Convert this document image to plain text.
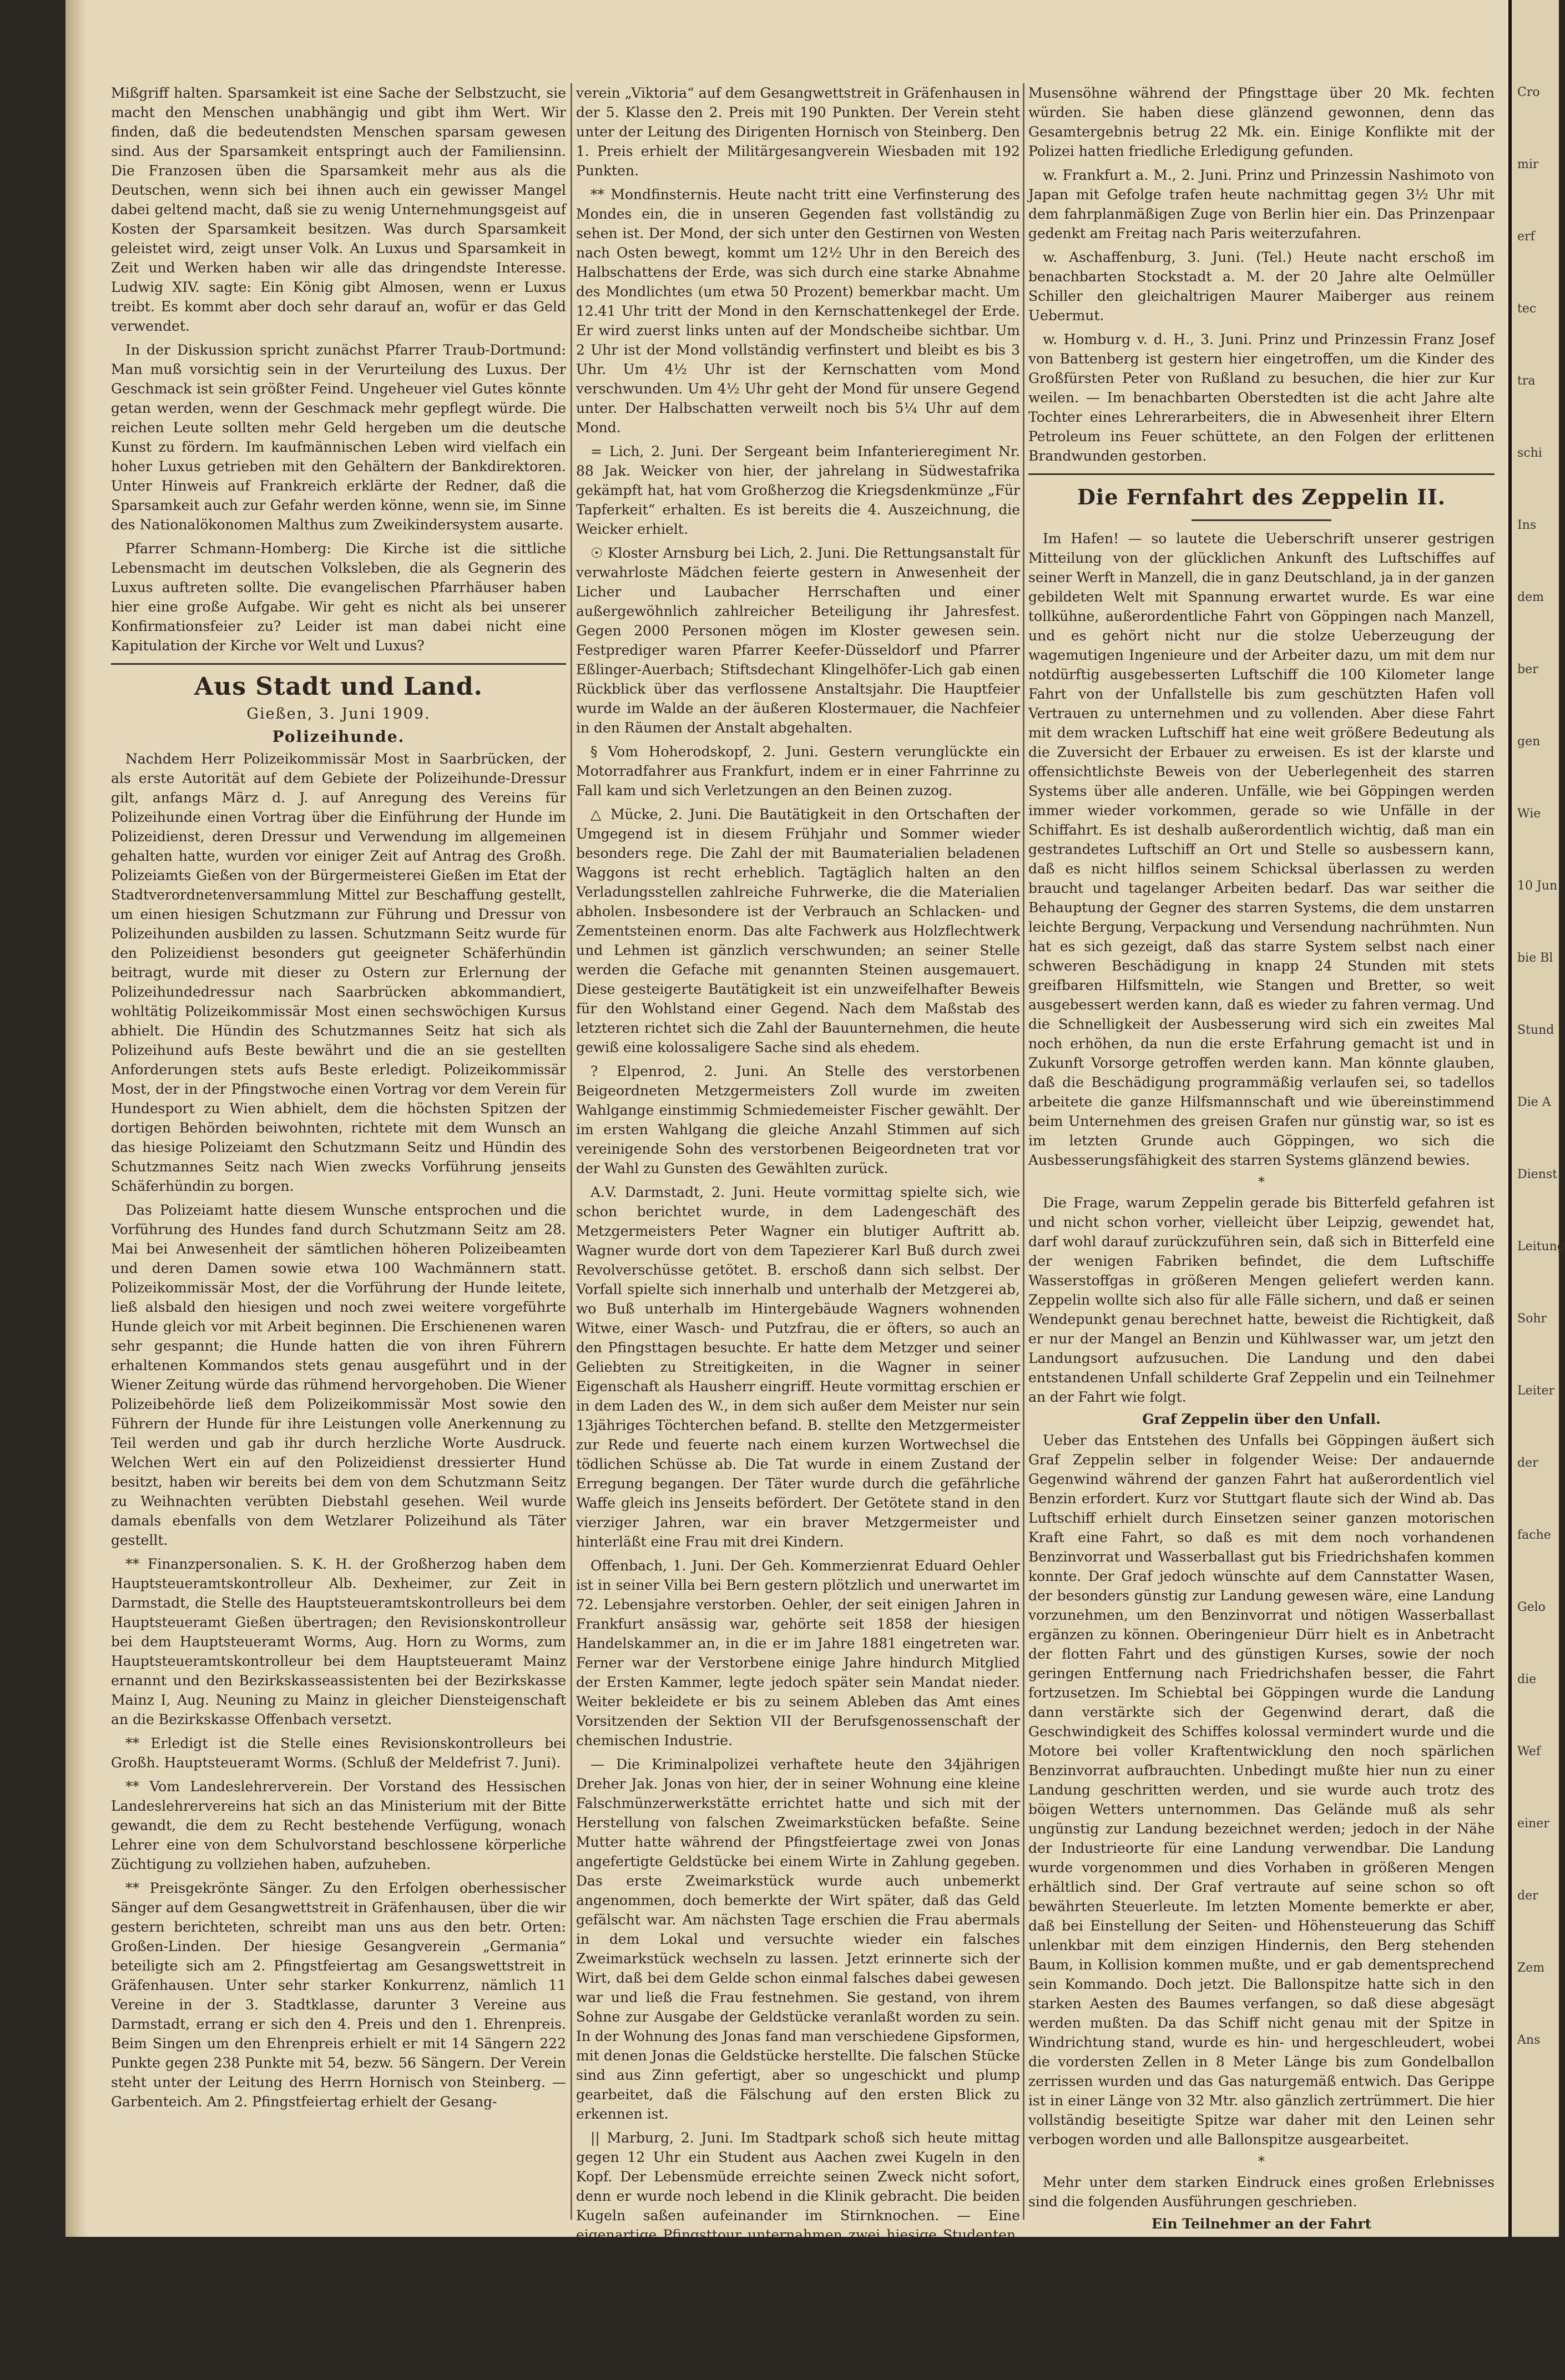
Mißgriff halten. Sparsamkeit ist eine Sache der Selbstzucht, sie macht den Menschen unabhängig und gibt ihm Wert. Wir finden, daß die bedeutendsten Menschen sparsam gewesen sind. Aus der Sparsamkeit entspringt auch der Familiensinn. Die Franzosen üben die Sparsamkeit mehr aus als die Deutschen, wenn sich bei ihnen auch ein gewisser Mangel dabei geltend macht, daß sie zu wenig Unternehmungsgeist auf Kosten der Sparsamkeit besitzen. Was durch Sparsamkeit geleistet wird, zeigt unser Volk. An Luxus und Sparsamkeit in Zeit und Werken haben wir alle das dringendste Interesse. Ludwig XIV. sagte: Ein König gibt Almosen, wenn er Luxus treibt. Es kommt aber doch sehr darauf an, wofür er das Geld verwendet.

In der Diskussion spricht zunächst Pfarrer Traub-Dortmund: Man muß vorsichtig sein in der Verurteilung des Luxus. Der Geschmack ist sein größter Feind. Ungeheuer viel Gutes könnte getan werden, wenn der Geschmack mehr gepflegt würde. Die reichen Leute sollten mehr Geld hergeben um die deutsche Kunst zu fördern. Im kaufmännischen Leben wird vielfach ein hoher Luxus getrieben mit den Gehältern der Bankdirektoren. Unter Hinweis auf Frankreich erklärte der Redner, daß die Sparsamkeit auch zur Gefahr werden könne, wenn sie, im Sinne des Nationalökonomen Malthus zum Zweikindersystem ausarte.

Pfarrer Schmann-Homberg: Die Kirche ist die sittliche Lebensmacht im deutschen Volksleben, die als Gegnerin des Luxus auftreten sollte. Die evangelischen Pfarrhäuser haben hier eine große Aufgabe. Wir geht es nicht als bei unserer Konfirmationsfeier zu? Leider ist man dabei nicht eine Kapitulation der Kirche vor Welt und Luxus?

Aus Stadt und Land.
Gießen, 3. Juni 1909.
Polizeihunde.

Nachdem Herr Polizeikommissär Most in Saarbrücken, der als erste Autorität auf dem Gebiete der Polizeihunde-Dressur gilt, anfangs März d. J. auf Anregung des Vereins für Polizeihunde einen Vortrag über die Einführung der Hunde im Polizeidienst, deren Dressur und Verwendung im allgemeinen gehalten hatte, wurden vor einiger Zeit auf Antrag des Großh. Polizeiamts Gießen von der Bürgermeisterei Gießen im Etat der Stadtverordnetenversammlung Mittel zur Beschaffung gestellt, um einen hiesigen Schutzmann zur Führung und Dressur von Polizeihunden ausbilden zu lassen. Schutzmann Seitz wurde für den Polizeidienst besonders gut geeigneter Schäferhündin beitragt, wurde mit dieser zu Ostern zur Erlernung der Polizeihundedressur nach Saarbrücken abkommandiert, wohltätig Polizeikommissär Most einen sechswöchigen Kursus abhielt. Die Hündin des Schutzmannes Seitz hat sich als Polizeihund aufs Beste bewährt und die an sie gestellten Anforderungen stets aufs Beste erledigt. Polizeikommissär Most, der in der Pfingstwoche einen Vortrag vor dem Verein für Hundesport zu Wien abhielt, dem die höchsten Spitzen der dortigen Behörden beiwohnten, richtete mit dem Wunsch an das hiesige Polizeiamt den Schutzmann Seitz und Hündin des Schutzmannes Seitz nach Wien zwecks Vorführung jenseits Schäferhündin zu borgen.

Das Polizeiamt hatte diesem Wunsche entsprochen und die Vorführung des Hundes fand durch Schutzmann Seitz am 28. Mai bei Anwesenheit der sämtlichen höheren Polizeibeamten und deren Damen sowie etwa 100 Wachmännern statt. Polizeikommissär Most, der die Vorführung der Hunde leitete, ließ alsbald den hiesigen und noch zwei weitere vorgeführte Hunde gleich vor mit Arbeit beginnen. Die Erschienenen waren sehr gespannt; die Hunde hatten die von ihren Führern erhaltenen Kommandos stets genau ausgeführt und in der Wiener Zeitung würde das rühmend hervorgehoben. Die Wiener Polizeibehörde ließ dem Polizeikommissär Most sowie den Führern der Hunde für ihre Leistungen volle Anerkennung zu Teil werden und gab ihr durch herzliche Worte Ausdruck. Welchen Wert ein auf den Polizeidienst dressierter Hund besitzt, haben wir bereits bei dem von dem Schutzmann Seitz zu Weihnachten verübten Diebstahl gesehen. Weil wurde damals ebenfalls von dem Wetzlarer Polizeihund als Täter gestellt.

** Finanzpersonalien. S. K. H. der Großherzog haben dem Hauptsteueramtskontrolleur Alb. Dexheimer, zur Zeit in Darmstadt, die Stelle des Hauptsteueramtskontrolleurs bei dem Hauptsteueramt Gießen übertragen; den Revisionskontrolleur bei dem Hauptsteueramt Worms, Aug. Horn zu Worms, zum Hauptsteueramtskontrolleur bei dem Hauptsteueramt Mainz ernannt und den Bezirkskasseassistenten bei der Bezirkskasse Mainz I, Aug. Neuning zu Mainz in gleicher Diensteigenschaft an die Bezirkskasse Offenbach versetzt.

** Erledigt ist die Stelle eines Revisionskontrolleurs bei Großh. Hauptsteueramt Worms. (Schluß der Meldefrist 7. Juni).

** Vom Landeslehrerverein. Der Vorstand des Hessischen Landeslehrervereins hat sich an das Ministerium mit der Bitte gewandt, die dem zu Recht bestehende Verfügung, wonach Lehrer eine von dem Schulvorstand beschlossene körperliche Züchtigung zu vollziehen haben, aufzuheben.

** Preisgekrönte Sänger. Zu den Erfolgen oberhessischer Sänger auf dem Gesangwettstreit in Gräfenhausen, über die wir gestern berichteten, schreibt man uns aus den betr. Orten: Großen-Linden. Der hiesige Gesangverein „Germania“ beteiligte sich am 2. Pfingstfeiertag am Gesangswettstreit in Gräfenhausen. Unter sehr starker Konkurrenz, nämlich 11 Vereine in der 3. Stadtklasse, darunter 3 Vereine aus Darmstadt, errang er sich den 4. Preis und den 1. Ehrenpreis. Beim Singen um den Ehrenpreis erhielt er mit 14 Sängern 222 Punkte gegen 238 Punkte mit 54, bezw. 56 Sängern. Der Verein steht unter der Leitung des Herrn Hornisch von Steinberg. — Garbenteich. Am 2. Pfingstfeiertag erhielt der Gesang-

verein „Viktoria“ auf dem Gesangwettstreit in Gräfenhausen in der 5. Klasse den 2. Preis mit 190 Punkten. Der Verein steht unter der Leitung des Dirigenten Hornisch von Steinberg. Den 1. Preis erhielt der Militärgesangverein Wiesbaden mit 192 Punkten.

** Mondfinsternis. Heute nacht tritt eine Verfinsterung des Mondes ein, die in unseren Gegenden fast vollständig zu sehen ist. Der Mond, der sich unter den Gestirnen von Westen nach Osten bewegt, kommt um 12½ Uhr in den Bereich des Halbschattens der Erde, was sich durch eine starke Abnahme des Mondlichtes (um etwa 50 Prozent) bemerkbar macht. Um 12.41 Uhr tritt der Mond in den Kernschattenkegel der Erde. Er wird zuerst links unten auf der Mondscheibe sichtbar. Um 2 Uhr ist der Mond vollständig verfinstert und bleibt es bis 3 Uhr. Um 4½ Uhr ist der Kernschatten vom Mond verschwunden. Um 4½ Uhr geht der Mond für unsere Gegend unter. Der Halbschatten verweilt noch bis 5¼ Uhr auf dem Mond.

= Lich, 2. Juni. Der Sergeant beim Infanterieregiment Nr. 88 Jak. Weicker von hier, der jahrelang in Südwestafrika gekämpft hat, hat vom Großherzog die Kriegsdenkmünze „Für Tapferkeit“ erhalten. Es ist bereits die 4. Auszeichnung, die Weicker erhielt.

☉ Kloster Arnsburg bei Lich, 2. Juni. Die Rettungsanstalt für verwahrloste Mädchen feierte gestern in Anwesenheit der Licher und Laubacher Herrschaften und einer außergewöhnlich zahlreicher Beteiligung ihr Jahresfest. Gegen 2000 Personen mögen im Kloster gewesen sein. Festprediger waren Pfarrer Keefer-Düsseldorf und Pfarrer Eßlinger-Auerbach; Stiftsdechant Klingelhöfer-Lich gab einen Rückblick über das verflossene Anstaltsjahr. Die Hauptfeier wurde im Walde an der äußeren Klostermauer, die Nachfeier in den Räumen der Anstalt abgehalten.

§ Vom Hoherodskopf, 2. Juni. Gestern verunglückte ein Motorradfahrer aus Frankfurt, indem er in einer Fahrrinne zu Fall kam und sich Verletzungen an den Beinen zuzog.

△ Mücke, 2. Juni. Die Bautätigkeit in den Ortschaften der Umgegend ist in diesem Frühjahr und Sommer wieder besonders rege. Die Zahl der mit Baumaterialien beladenen Waggons ist recht erheblich. Tagtäglich halten an den Verladungsstellen zahlreiche Fuhrwerke, die die Materialien abholen. Insbesondere ist der Verbrauch an Schlacken- und Zementsteinen enorm. Das alte Fachwerk aus Holzflechtwerk und Lehmen ist gänzlich verschwunden; an seiner Stelle werden die Gefache mit genannten Steinen ausgemauert. Diese gesteigerte Bautätigkeit ist ein unzweifelhafter Beweis für den Wohlstand einer Gegend. Nach dem Maßstab des letzteren richtet sich die Zahl der Bauunternehmen, die heute gewiß eine kolossaligere Sache sind als ehedem.

? Elpenrod, 2. Juni. An Stelle des verstorbenen Beigeordneten Metzgermeisters Zoll wurde im zweiten Wahlgange einstimmig Schmiedemeister Fischer gewählt. Der im ersten Wahlgang die gleiche Anzahl Stimmen auf sich vereinigende Sohn des verstorbenen Beigeordneten trat vor der Wahl zu Gunsten des Gewählten zurück.

A.V. Darmstadt, 2. Juni. Heute vormittag spielte sich, wie schon berichtet wurde, in dem Ladengeschäft des Metzgermeisters Peter Wagner ein blutiger Auftritt ab. Wagner wurde dort von dem Tapezierer Karl Buß durch zwei Revolverschüsse getötet. B. erschoß dann sich selbst. Der Vorfall spielte sich innerhalb und unterhalb der Metzgerei ab, wo Buß unterhalb im Hintergebäude Wagners wohnenden Witwe, einer Wasch- und Putzfrau, die er öfters, so auch an den Pfingsttagen besuchte. Er hatte dem Metzger und seiner Geliebten zu Streitigkeiten, in die Wagner in seiner Eigenschaft als Hausherr eingriff. Heute vormittag erschien er in dem Laden des W., in dem sich außer dem Meister nur sein 13jähriges Töchterchen befand. B. stellte den Metzgermeister zur Rede und feuerte nach einem kurzen Wortwechsel die tödlichen Schüsse ab. Die Tat wurde in einem Zustand der Erregung begangen. Der Täter wurde durch die gefährliche Waffe gleich ins Jenseits befördert. Der Getötete stand in den vierziger Jahren, war ein braver Metzgermeister und hinterläßt eine Frau mit drei Kindern.

Offenbach, 1. Juni. Der Geh. Kommerzienrat Eduard Oehler ist in seiner Villa bei Bern gestern plötzlich und unerwartet im 72. Lebensjahre verstorben. Oehler, der seit einigen Jahren in Frankfurt ansässig war, gehörte seit 1858 der hiesigen Handelskammer an, in die er im Jahre 1881 eingetreten war. Ferner war der Verstorbene einige Jahre hindurch Mitglied der Ersten Kammer, legte jedoch später sein Mandat nieder. Weiter bekleidete er bis zu seinem Ableben das Amt eines Vorsitzenden der Sektion VII der Berufsgenossenschaft der chemischen Industrie.

— Die Kriminalpolizei verhaftete heute den 34jährigen Dreher Jak. Jonas von hier, der in seiner Wohnung eine kleine Falschmünzerwerkstätte errichtet hatte und sich mit der Herstellung von falschen Zweimarkstücken befaßte. Seine Mutter hatte während der Pfingstfeiertage zwei von Jonas angefertigte Geldstücke bei einem Wirte in Zahlung gegeben. Das erste Zweimarkstück wurde auch unbemerkt angenommen, doch bemerkte der Wirt später, daß das Geld gefälscht war. Am nächsten Tage erschien die Frau abermals in dem Lokal und versuchte wieder ein falsches Zweimarkstück wechseln zu lassen. Jetzt erinnerte sich der Wirt, daß bei dem Gelde schon einmal falsches dabei gewesen war und ließ die Frau festnehmen. Sie gestand, von ihrem Sohne zur Ausgabe der Geldstücke veranlaßt worden zu sein. In der Wohnung des Jonas fand man verschiedene Gipsformen, mit denen Jonas die Geldstücke herstellte. Die falschen Stücke sind aus Zinn gefertigt, aber so ungeschickt und plump gearbeitet, daß die Fälschung auf den ersten Blick zu erkennen ist.

|| Marburg, 2. Juni. Im Stadtpark schoß sich heute mittag gegen 12 Uhr ein Student aus Aachen zwei Kugeln in den Kopf. Der Lebensmüde erreichte seinen Zweck nicht sofort, denn er wurde noch lebend in die Klinik gebracht. Die beiden Kugeln saßen aufeinander im Stirnknochen. — Eine eigenartige Pfingsttour unternahmen zwei hiesige Studenten. Als Handwerksburschen verkleidet, durchzogen sie die Ortschaften und klopften dann an die Türen. Von den ihnen verabreichten Speisen und Getränke ließen sie sich munden, das zusammengefochtene Geld jedoch ließen sie jedesmal abends gegen Quittung bei einem Ortsvorsteher ab. Es handelte sich um eine Wette, daß die beiden

Musensöhne während der Pfingsttage über 20 Mk. fechten würden. Sie haben diese glänzend gewonnen, denn das Gesamtergebnis betrug 22 Mk. ein. Einige Konflikte mit der Polizei hatten friedliche Erledigung gefunden.

w. Frankfurt a. M., 2. Juni. Prinz und Prinzessin Nashimoto von Japan mit Gefolge trafen heute nachmittag gegen 3½ Uhr mit dem fahrplanmäßigen Zuge von Berlin hier ein. Das Prinzenpaar gedenkt am Freitag nach Paris weiterzufahren.

w. Aschaffenburg, 3. Juni. (Tel.) Heute nacht erschoß im benachbarten Stockstadt a. M. der 20 Jahre alte Oelmüller Schiller den gleichaltrigen Maurer Maiberger aus reinem Uebermut.

w. Homburg v. d. H., 3. Juni. Prinz und Prinzessin Franz Josef von Battenberg ist gestern hier eingetroffen, um die Kinder des Großfürsten Peter von Rußland zu besuchen, die hier zur Kur weilen. — Im benachbarten Oberstedten ist die acht Jahre alte Tochter eines Lehrerarbeiters, die in Abwesenheit ihrer Eltern Petroleum ins Feuer schüttete, an den Folgen der erlittenen Brandwunden gestorben.

Die Fernfahrt des Zeppelin II.

Im Hafen! — so lautete die Ueberschrift unserer gestrigen Mitteilung von der glücklichen Ankunft des Luftschiffes auf seiner Werft in Manzell, die in ganz Deutschland, ja in der ganzen gebildeten Welt mit Spannung erwartet wurde. Es war eine tollkühne, außerordentliche Fahrt von Göppingen nach Manzell, und es gehört nicht nur die stolze Ueberzeugung der wagemutigen Ingenieure und der Arbeiter dazu, um mit dem nur notdürftig ausgebesserten Luftschiff die 100 Kilometer lange Fahrt von der Unfallstelle bis zum geschützten Hafen voll Vertrauen zu unternehmen und zu vollenden. Aber diese Fahrt mit dem wracken Luftschiff hat eine weit größere Bedeutung als die Zuversicht der Erbauer zu erweisen. Es ist der klarste und offensichtlichste Beweis von der Ueberlegenheit des starren Systems über alle anderen. Unfälle, wie bei Göppingen werden immer wieder vorkommen, gerade so wie Unfälle in der Schiffahrt. Es ist deshalb außerordentlich wichtig, daß man ein gestrandetes Luftschiff an Ort und Stelle so ausbessern kann, daß es nicht hilflos seinem Schicksal überlassen zu werden braucht und tagelanger Arbeiten bedarf. Das war seither die Behauptung der Gegner des starren Systems, die dem unstarren leichte Bergung, Verpackung und Versendung nachrühmten. Nun hat es sich gezeigt, daß das starre System selbst nach einer schweren Beschädigung in knapp 24 Stunden mit stets greifbaren Hilfsmitteln, wie Stangen und Bretter, so weit ausgebessert werden kann, daß es wieder zu fahren vermag. Und die Schnelligkeit der Ausbesserung wird sich ein zweites Mal noch erhöhen, da nun die erste Erfahrung gemacht ist und in Zukunft Vorsorge getroffen werden kann. Man könnte glauben, daß die Beschädigung programmäßig verlaufen sei, so tadellos arbeitete die ganze Hilfsmannschaft und wie übereinstimmend beim Unternehmen des greisen Grafen nur günstig war, so ist es im letzten Grunde auch Göppingen, wo sich die Ausbesserungsfähigkeit des starren Systems glänzend bewies.

*

Die Frage, warum Zeppelin gerade bis Bitterfeld gefahren ist und nicht schon vorher, vielleicht über Leipzig, gewendet hat, darf wohl darauf zurückzuführen sein, daß sich in Bitterfeld eine der wenigen Fabriken befindet, die dem Luftschiffe Wasserstoffgas in größeren Mengen geliefert werden kann. Zeppelin wollte sich also für alle Fälle sichern, und daß er seinen Wendepunkt genau berechnet hatte, beweist die Richtigkeit, daß er nur der Mangel an Benzin und Kühlwasser war, um jetzt den Landungsort aufzusuchen. Die Landung und den dabei entstandenen Unfall schilderte Graf Zeppelin und ein Teilnehmer an der Fahrt wie folgt.

Graf Zeppelin über den Unfall.

Ueber das Entstehen des Unfalls bei Göppingen äußert sich Graf Zeppelin selber in folgender Weise: Der andauernde Gegenwind während der ganzen Fahrt hat außerordentlich viel Benzin erfordert. Kurz vor Stuttgart flaute sich der Wind ab. Das Luftschiff erhielt durch Einsetzen seiner ganzen motorischen Kraft eine Fahrt, so daß es mit dem noch vorhandenen Benzinvorrat und Wasserballast gut bis Friedrichshafen kommen konnte. Der Graf jedoch wünschte auf dem Cannstatter Wasen, der besonders günstig zur Landung gewesen wäre, eine Landung vorzunehmen, um den Benzinvorrat und nötigen Wasserballast ergänzen zu können. Oberingenieur Dürr hielt es in Anbetracht der flotten Fahrt und des günstigen Kurses, sowie der noch geringen Entfernung nach Friedrichshafen besser, die Fahrt fortzusetzen. Im Schiebtal bei Göppingen wurde die Landung dann verstärkte sich der Gegenwind derart, daß die Geschwindigkeit des Schiffes kolossal vermindert wurde und die Motore bei voller Kraftentwicklung den noch spärlichen Benzinvorrat aufbrauchten. Unbedingt mußte hier nun zu einer Landung geschritten werden, und sie wurde auch trotz des böigen Wetters unternommen. Das Gelände muß als sehr ungünstig zur Landung bezeichnet werden; jedoch in der Nähe der Industrieorte für eine Landung verwendbar. Die Landung wurde vorgenommen und dies Vorhaben in größeren Mengen erhältlich sind. Der Graf vertraute auf seine schon so oft bewährten Steuerleute. Im letzten Momente bemerkte er aber, daß bei Einstellung der Seiten- und Höhensteuerung das Schiff unlenkbar mit dem einzigen Hindernis, den Berg stehenden Baum, in Kollision kommen mußte, und er gab dementsprechend sein Kommando. Doch jetzt. Die Ballonspitze hatte sich in den starken Aesten des Baumes verfangen, so daß diese abgesägt werden mußten. Da das Schiff nicht genau mit der Spitze in Windrichtung stand, wurde es hin- und hergeschleudert, wobei die vordersten Zellen in 8 Meter Länge bis zum Gondelballon zerrissen wurden und das Gas naturgemäß entwich. Das Gerippe ist in einer Länge von 32 Mtr. also gänzlich zertrümmert. Die hier vollständig beseitigte Spitze war daher mit den Leinen sehr verbogen worden und alle Ballonspitze ausgearbeitet.

*

Mehr unter dem starken Eindruck eines großen Erlebnisses sind die folgenden Ausführungen geschrieben.

Ein Teilnehmer an der Fahrt

gibt in der „Frankf. Ztg.“ einen anschaulichen Bericht, dem wir außer der Erklärung des Umweges über Stuttgart die Schilderung des Unfalls entnehmen.

In der Frühe fehlt nur eine Stunde lang über dem Main bei Schweinfurt, nur langsam mit einem Motor sich vorwärts treibend. Dann geht man auf Steuerwirkung tiefer, überfliegt Würzburg und kommt nach

Cro
mir
erf
tec
tra
schi
Ins
dem
ber
gen
Wie
10 Jun
bie Bl
Stund
Die A
Dienst
Leitung
Sohr
Leiter
der
fache
Gelo
die
Wef
einer
der
Zem
Ans
